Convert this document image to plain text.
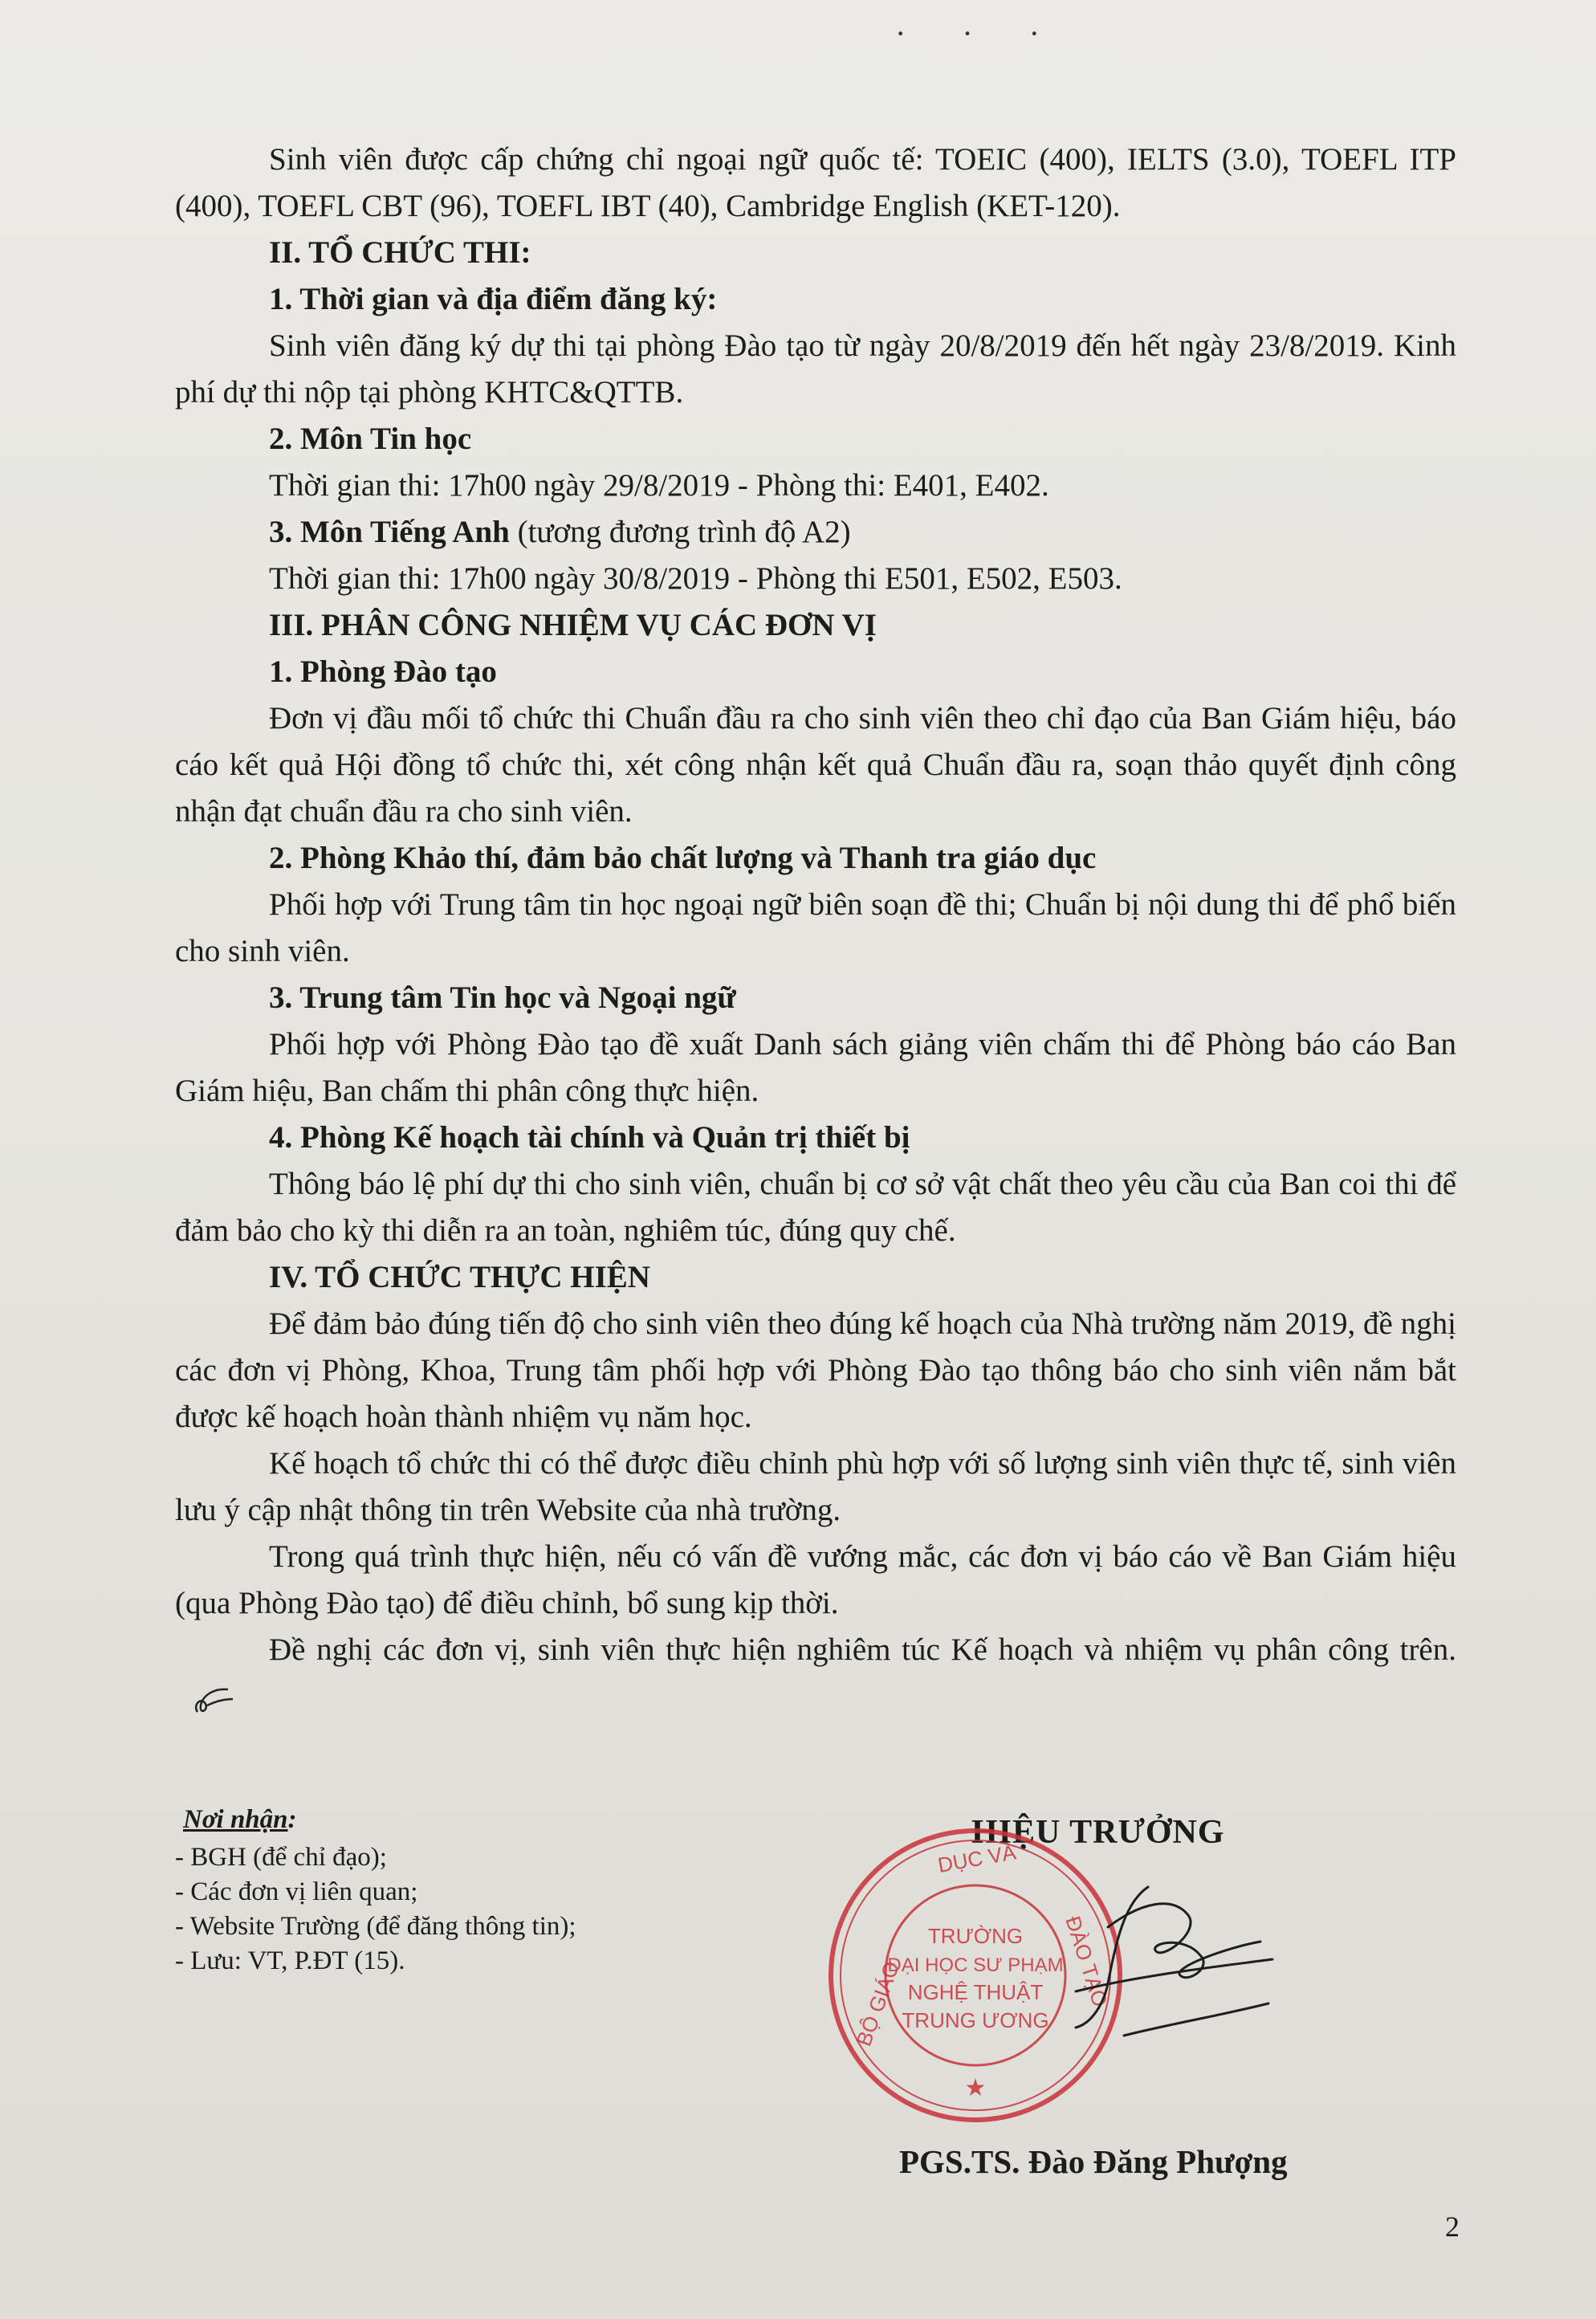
· · ·

Sinh viên được cấp chứng chỉ ngoại ngữ quốc tế: TOEIC (400), IELTS (3.0), TOEFL ITP (400), TOEFL CBT (96), TOEFL IBT (40), Cambridge English (KET-120).

II. TỔ CHỨC THI:

1. Thời gian và địa điểm đăng ký:

Sinh viên đăng ký dự thi tại phòng Đào tạo từ ngày 20/8/2019 đến hết ngày 23/8/2019. Kinh phí dự thi nộp tại phòng KHTC&QTTB.

2. Môn Tin học

Thời gian thi: 17h00 ngày 29/8/2019 - Phòng thi: E401, E402.

3. Môn Tiếng Anh (tương đương trình độ A2)

Thời gian thi: 17h00 ngày 30/8/2019 - Phòng thi E501, E502, E503.

III. PHÂN CÔNG NHIỆM VỤ CÁC ĐƠN VỊ

1. Phòng Đào tạo

Đơn vị đầu mối tổ chức thi Chuẩn đầu ra cho sinh viên theo chỉ đạo của Ban Giám hiệu, báo cáo kết quả Hội đồng tổ chức thi, xét công nhận kết quả Chuẩn đầu ra, soạn thảo quyết định công nhận đạt chuẩn đầu ra cho sinh viên.

2. Phòng Khảo thí, đảm bảo chất lượng và Thanh tra giáo dục

Phối hợp với Trung tâm tin học ngoại ngữ biên soạn đề thi; Chuẩn bị nội dung thi để phổ biến cho sinh viên.

3. Trung tâm Tin học và Ngoại ngữ

Phối hợp với Phòng Đào tạo đề xuất Danh sách giảng viên chấm thi để Phòng báo cáo Ban Giám hiệu, Ban chấm thi phân công thực hiện.

4. Phòng Kế hoạch tài chính và Quản trị thiết bị

Thông báo lệ phí dự thi cho sinh viên, chuẩn bị cơ sở vật chất theo yêu cầu của Ban coi thi để đảm bảo cho kỳ thi diễn ra an toàn, nghiêm túc, đúng quy chế.

IV. TỔ CHỨC THỰC HIỆN

Để đảm bảo đúng tiến độ cho sinh viên theo đúng kế hoạch của Nhà trường năm 2019, đề nghị các đơn vị Phòng, Khoa, Trung tâm phối hợp với Phòng Đào tạo thông báo cho sinh viên nắm bắt được kế hoạch hoàn thành nhiệm vụ năm học.

Kế hoạch tổ chức thi có thể được điều chỉnh phù hợp với số lượng sinh viên thực tế, sinh viên lưu ý cập nhật thông tin trên Website của nhà trường.

Trong quá trình thực hiện, nếu có vấn đề vướng mắc, các đơn vị báo cáo về Ban Giám hiệu (qua Phòng Đào tạo) để điều chỉnh, bổ sung kịp thời.

Đề nghị các đơn vị, sinh viên thực hiện nghiêm túc Kế hoạch và nhiệm vụ phân công trên.

Nơi nhận:
- BGH (để chỉ đạo);
- Các đơn vị liên quan;
- Website Trường (để đăng thông tin);
- Lưu: VT, P.ĐT (15).
HIỆU TRƯỞNG
BỘ GIÁO
DỤC VÀ
ĐÀO TẠO
TRƯỜNG
ĐẠI HỌC SƯ PHẠM
NGHỆ THUẬT
TRUNG ƯƠNG
★
PGS.TS. Đào Đăng Phượng
2
